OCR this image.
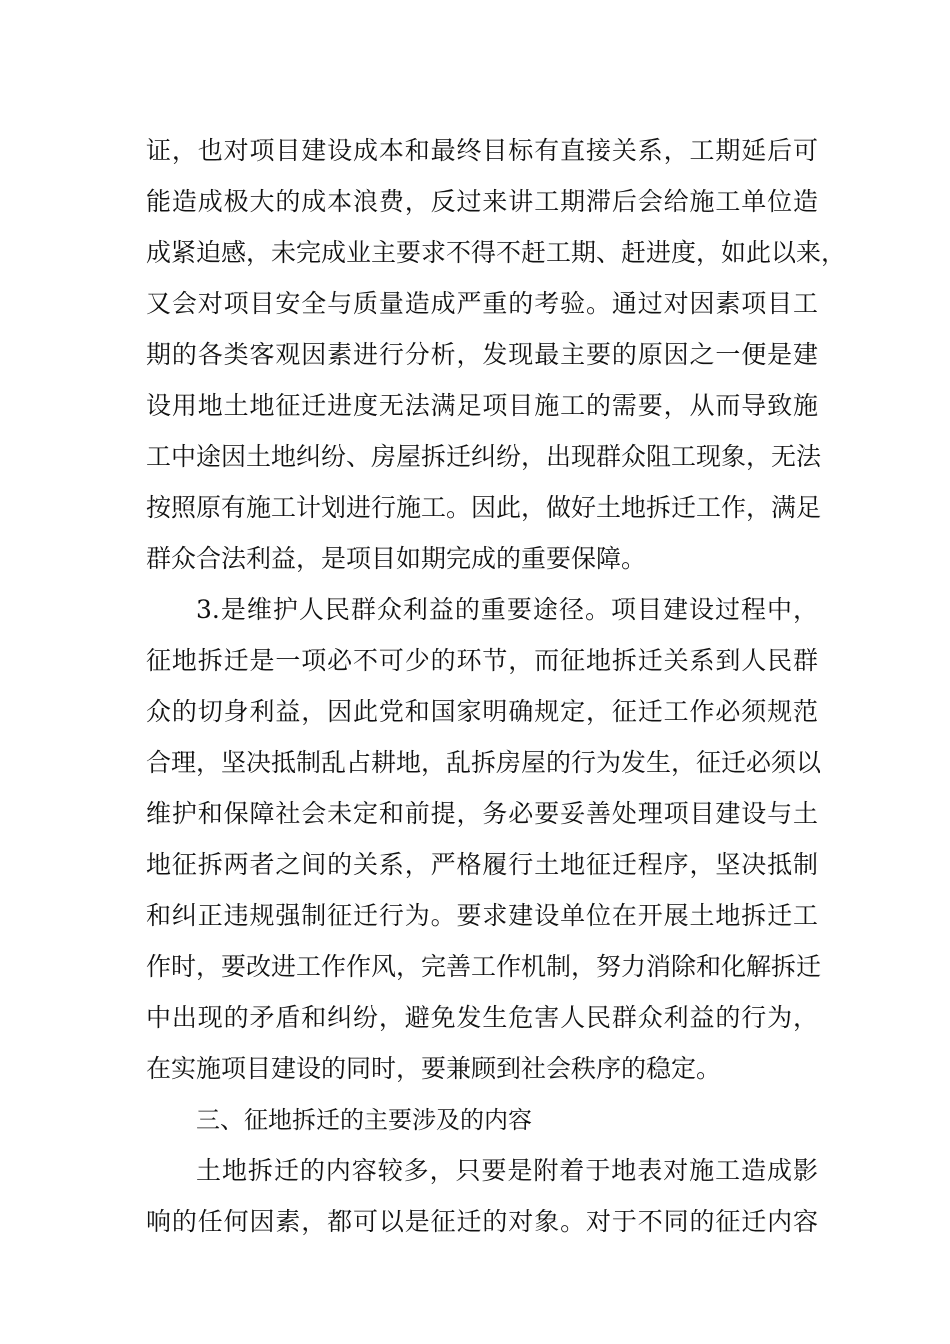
证，也对项目建设成本和最终目标有直接关系，工期延后可
能造成极大的成本浪费，反过来讲工期滞后会给施工单位造
成紧迫感，未完成业主要求不得不赶工期、赶进度，如此以来，
又会对项目安全与质量造成严重的考验。通过对因素项目工
期的各类客观因素进行分析，发现最主要的原因之一便是建
设用地土地征迁进度无法满足项目施工的需要，从而导致施
工中途因土地纠纷、房屋拆迁纠纷，出现群众阻工现象，无法
按照原有施工计划进行施工。因此，做好土地拆迁工作，满足
群众合法利益，是项目如期完成的重要保障。
3.是维护人民群众利益的重要途径。项目建设过程中，
征地拆迁是一项必不可少的环节，而征地拆迁关系到人民群
众的切身利益，因此党和国家明确规定，征迁工作必须规范
合理，坚决抵制乱占耕地，乱拆房屋的行为发生，征迁必须以
维护和保障社会未定和前提，务必要妥善处理项目建设与土
地征拆两者之间的关系，严格履行土地征迁程序，坚决抵制
和纠正违规强制征迁行为。要求建设单位在开展土地拆迁工
作时，要改进工作作风，完善工作机制，努力消除和化解拆迁
中出现的矛盾和纠纷，避免发生危害人民群众利益的行为，
在实施项目建设的同时，要兼顾到社会秩序的稳定。
三、征地拆迁的主要涉及的内容
土地拆迁的内容较多，只要是附着于地表对施工造成影
响的任何因素，都可以是征迁的对象。对于不同的征迁内容
